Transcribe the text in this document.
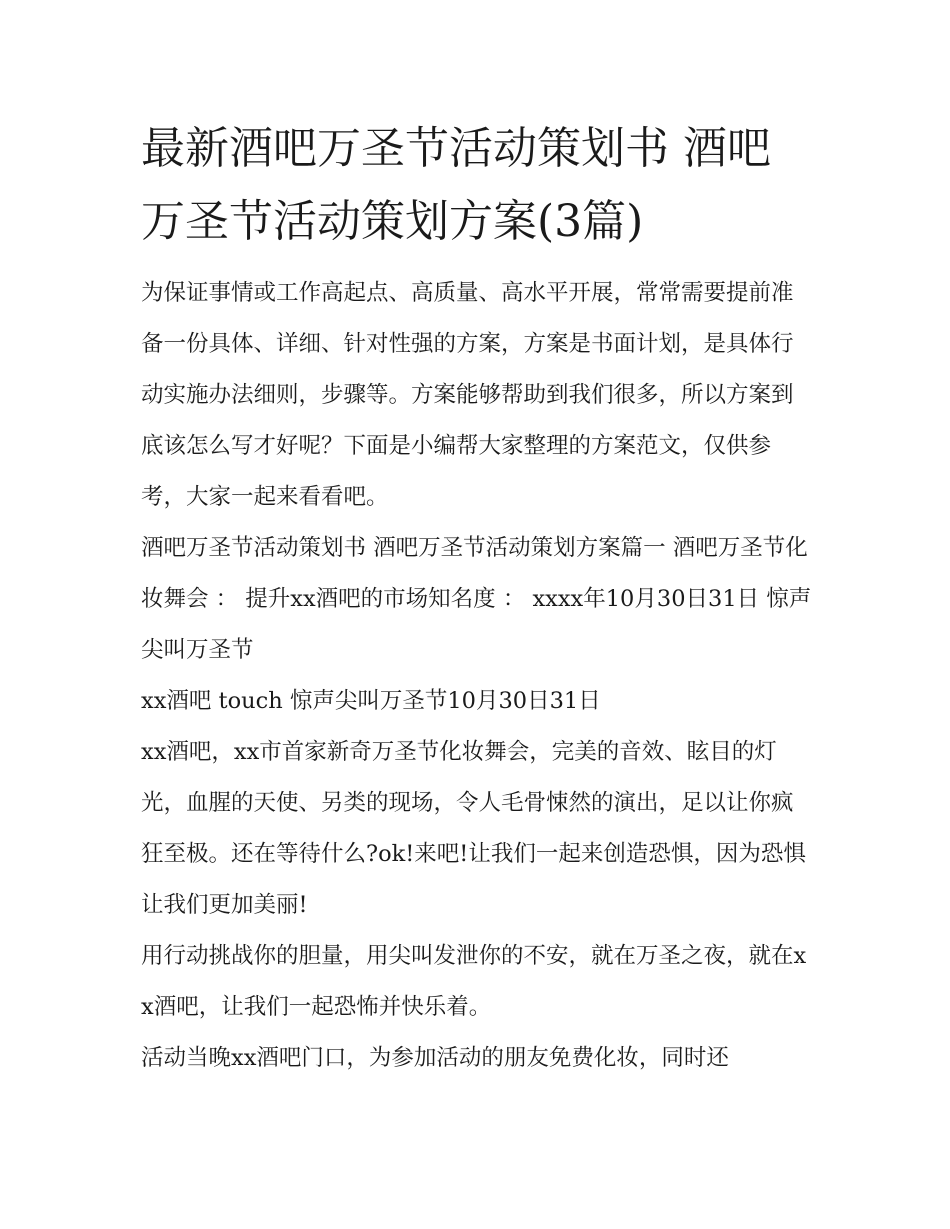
最新酒吧万圣节活动策划书 酒吧万圣节活动策划方案(3篇)

为保证事情或工作高起点、高质量、高水平开展，常常需要提前准备一份具体、详细、针对性强的方案，方案是书面计划，是具体行动实施办法细则，步骤等。方案能够帮助到我们很多，所以方案到底该怎么写才好呢？下面是小编帮大家整理的方案范文，仅供参考，大家一起来看看吧。

酒吧万圣节活动策划书 酒吧万圣节活动策划方案篇一 酒吧万圣节化妆舞会 ： 提升xx酒吧的市场知名度 ： xxxx年10月30日31日 惊声尖叫万圣节

xx酒吧 touch 惊声尖叫万圣节10月30日31日

xx酒吧，xx市首家新奇万圣节化妆舞会，完美的音效、眩目的灯光，血腥的天使、另类的现场，令人毛骨悚然的演出，足以让你疯狂至极。还在等待什么?ok!来吧!让我们一起来创造恐惧，因为恐惧让我们更加美丽!

用行动挑战你的胆量，用尖叫发泄你的不安，就在万圣之夜，就在xx酒吧，让我们一起恐怖并快乐着。

活动当晚xx酒吧门口，为参加活动的朋友免费化妆，同时还
